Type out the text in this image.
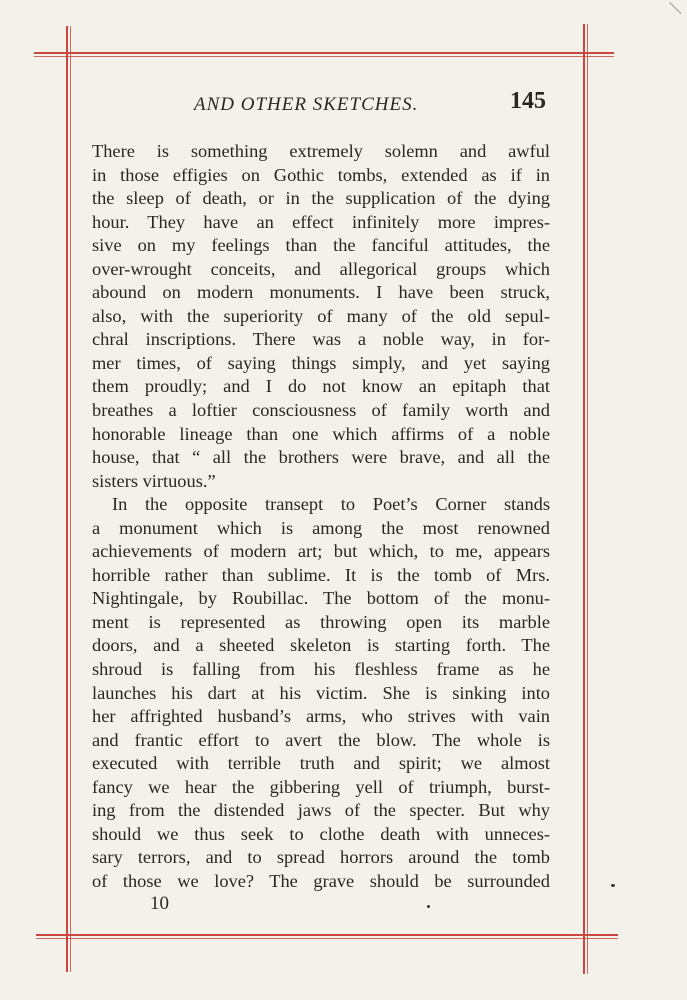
AND OTHER SKETCHES.	145
There is something extremely solemn and awful
in those effigies on Gothic tombs, extended as if in
the sleep of death, or in the supplication of the dying
hour. They have an effect infinitely more impres-
sive on my feelings than the fanciful attitudes, the
over-wrought conceits, and allegorical groups which
abound on modern monuments. I have been struck,
also, with the superiority of many of the old sepul-
chral inscriptions. There was a noble way, in for-
mer times, of saying things simply, and yet saying
them proudly; and I do not know an epitaph that
breathes a loftier consciousness of family worth and
honorable lineage than one which affirms of a noble
house, that “ all the brothers were brave, and all the
sisters virtuous.”
In the opposite transept to Poet’s Corner stands
a monument which is among the most renowned
achievements of modern art; but which, to me, appears
horrible rather than sublime. It is the tomb of Mrs.
Nightingale, by Roubillac. The bottom of the monu-
ment is represented as throwing open its marble
doors, and a sheeted skeleton is starting forth. The
shroud is falling from his fleshless frame as he
launches his dart at his victim. She is sinking into
her affrighted husband’s arms, who strives with vain
and frantic effort to avert the blow. The whole is
executed with terrible truth and spirit; we almost
fancy we hear the gibbering yell of triumph, burst-
ing from the distended jaws of the specter. But why
should we thus seek to clothe death with unneces-
sary terrors, and to spread horrors around the tomb
of those we love? The grave should be surrounded
10
